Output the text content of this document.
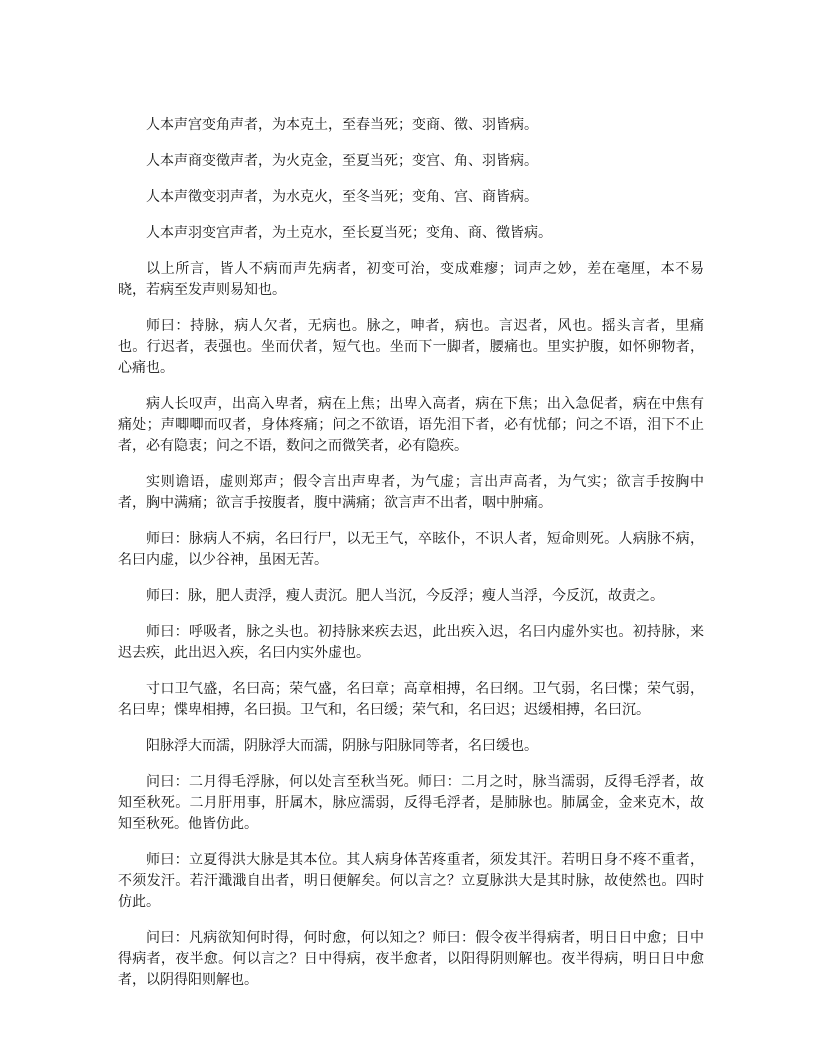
人本声宫变角声者，为本克土，至春当死；变商、徵、羽皆病。

人本声商变徵声者，为火克金，至夏当死；变宫、角、羽皆病。

人本声徵变羽声者，为水克火，至冬当死；变角、宫、商皆病。

人本声羽变宫声者，为土克水，至长夏当死；变角、商、徵皆病。

以上所言，皆人不病而声先病者，初变可治，变成难瘳；词声之妙，差在毫厘，本不易晓，若病至发声则易知也。

师曰：持脉，病人欠者，无病也。脉之，呻者，病也。言迟者，风也。摇头言者，里痛也。行迟者，表强也。坐而伏者，短气也。坐而下一脚者，腰痛也。里实护腹，如怀卵物者，心痛也。

病人长叹声，出高入卑者，病在上焦；出卑入高者，病在下焦；出入急促者，病在中焦有痛处；声唧唧而叹者，身体疼痛；问之不欲语，语先泪下者，必有忧郁；问之不语，泪下不止者，必有隐衷；问之不语，数问之而微笑者，必有隐疾。

实则谵语，虚则郑声；假令言出声卑者，为气虚；言出声高者，为气实；欲言手按胸中者，胸中满痛；欲言手按腹者，腹中满痛；欲言声不出者，咽中肿痛。

师曰：脉病人不病，名曰行尸，以无王气，卒眩仆，不识人者，短命则死。人病脉不病，名曰内虚，以少谷神，虽困无苦。

师曰：脉，肥人责浮，瘦人责沉。肥人当沉，今反浮；瘦人当浮，今反沉，故责之。

师曰：呼吸者，脉之头也。初持脉来疾去迟，此出疾入迟，名曰内虚外实也。初持脉，来迟去疾，此出迟入疾，名曰内实外虚也。

寸口卫气盛，名曰高；荣气盛，名曰章；高章相搏，名曰纲。卫气弱，名曰惵；荣气弱，名曰卑；惵卑相搏，名曰损。卫气和，名曰缓；荣气和，名曰迟；迟缓相搏，名曰沉。

阳脉浮大而濡，阴脉浮大而濡，阴脉与阳脉同等者，名曰缓也。

问曰：二月得毛浮脉，何以处言至秋当死。师曰：二月之时，脉当濡弱，反得毛浮者，故知至秋死。二月肝用事，肝属木，脉应濡弱，反得毛浮者，是肺脉也。肺属金，金来克木，故知至秋死。他皆仿此。

师曰：立夏得洪大脉是其本位。其人病身体苦疼重者，须发其汗。若明日身不疼不重者，不须发汗。若汗濈濈自出者，明日便解矣。何以言之？立夏脉洪大是其时脉，故使然也。四时仿此。

问曰：凡病欲知何时得，何时愈，何以知之？师曰：假令夜半得病者，明日日中愈；日中得病者，夜半愈。何以言之？日中得病，夜半愈者，以阳得阴则解也。夜半得病，明日日中愈者，以阴得阳则解也。
